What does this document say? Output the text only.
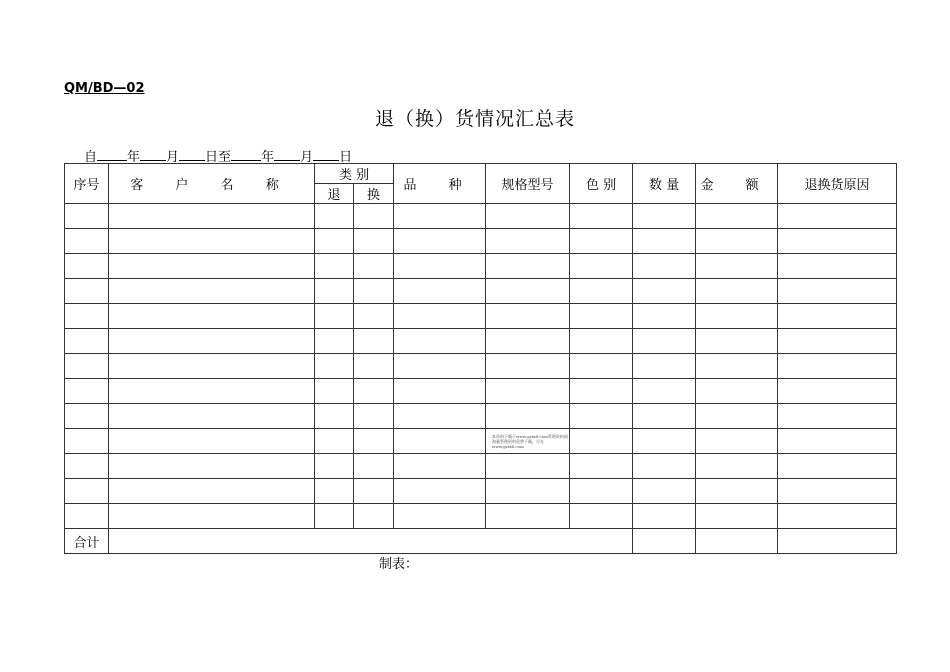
QM/BD—02
退（换）货情况汇总表
自 年 月 日至 年 月 日
序号	客 户 名 称	类 别		品 种	规格型号	色 别	数 量	金 额	退换货原因
		退	换						

					本资料下载于www.gztx8.com管理资料网
海量管理资料免费下载，尽在www.gztx8.com				

合计									
制表：
